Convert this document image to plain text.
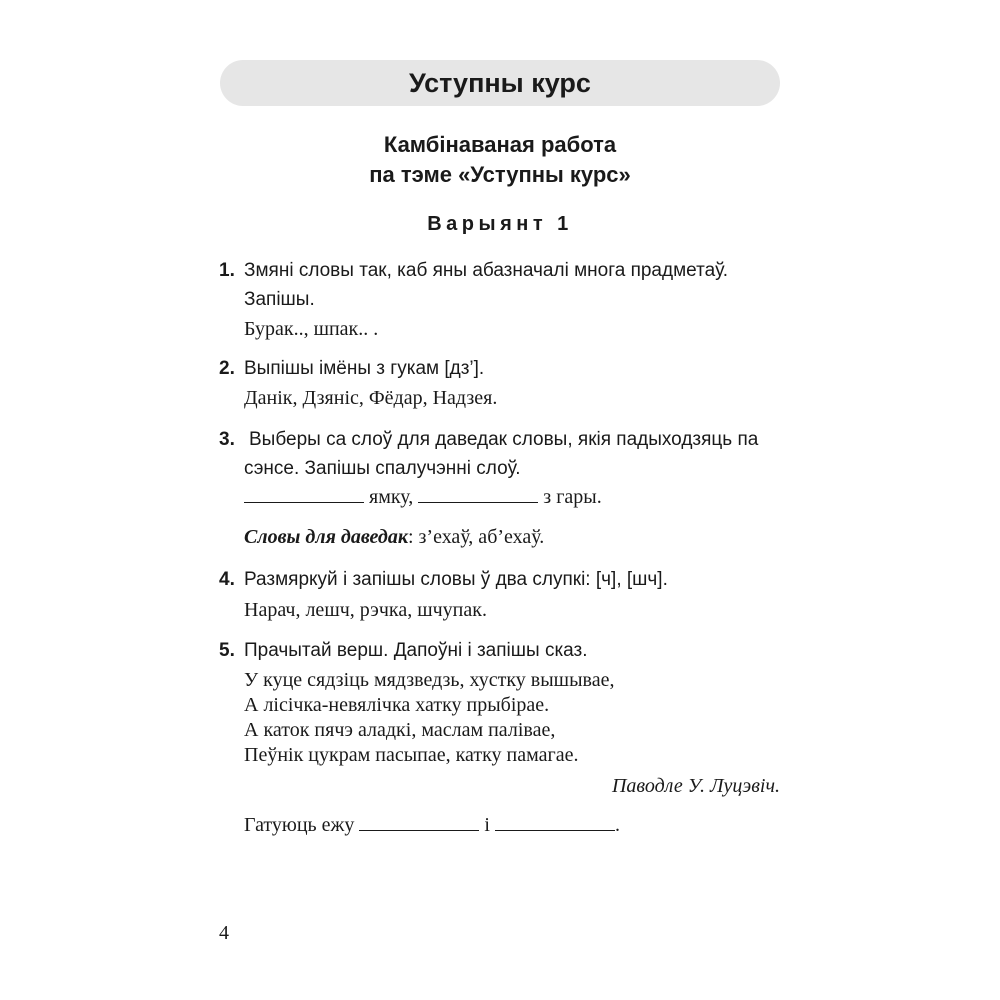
Уступны курс
Камбінаваная работа
па тэме «Уступны курс»
Варыянт 1
1. Змяні словы так, каб яны абазначалі многа прадметаў.
Запішы.
Бурак.., шпак.. .
2. Выпішы імёны з гукам [дз’].
Данік, Дзяніс, Фёдар, Надзея.
3. Выберы са слоў для даведак словы, якія падыходзяць па
сэнсе. Запішы спалучэнні слоў.
ямку,	з гары.
Словы для даведак: з’ехаў, аб’ехаў.
4. Размяркуй і запішы словы ў два слупкі: [ч], [шч].
Нарач, лешч, рэчка, шчупак.
5. Прачытай верш. Дапоўні і запішы сказ.
У куце сядзіць мядзведзь, хустку вышывае,
А лісічка-невялічка хатку прыбірае.
А каток пячэ аладкі, маслам палівае,
Пеўнік цукрам пасыпае, катку памагае.
Паводле У. Луцэвіч.
Гатуюць ежу	і	.
4
